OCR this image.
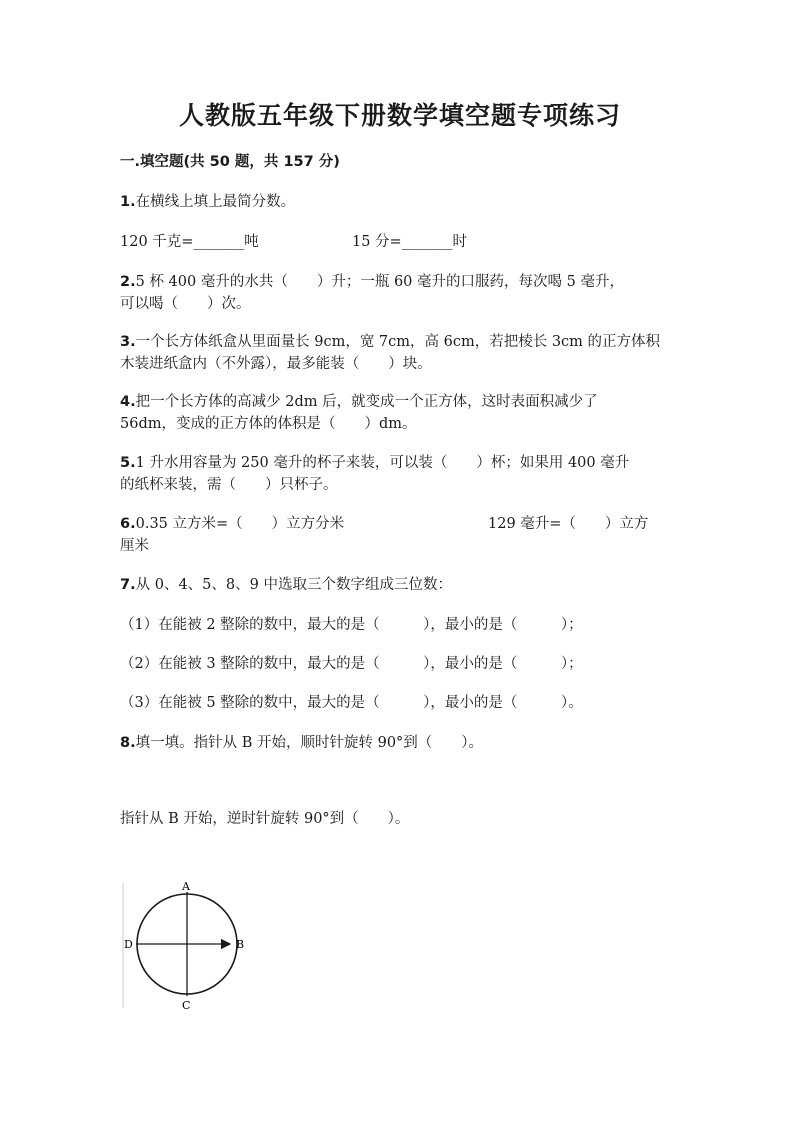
人教版五年级下册数学填空题专项练习
一.填空题(共 50 题，共 157 分)
1.在横线上填上最简分数。
120 千克=_______吨	15 分=_______时
2.5 杯 400 毫升的水共（　　）升；一瓶 60 毫升的口服药，每次喝 5 毫升，
可以喝（　　）次。
3.一个长方体纸盒从里面量长 9cm，宽 7cm，高 6cm，若把棱长 3cm 的正方体积
木装进纸盒内（不外露），最多能装（　　）块。
4.把一个长方体的高减少 2dm 后，就变成一个正方体，这时表面积减少了
56dm，变成的正方体的体积是（　　）dm。
5.1 升水用容量为 250 毫升的杯子来装，可以装（　　）杯；如果用 400 毫升
的纸杯来装，需（　　）只杯子。
6.0.35 立方米=（　　）立方分米	129 毫升=（　　）立方
厘米
7.从 0、4、5、8、9 中选取三个数字组成三位数：
（1）在能被 2 整除的数中，最大的是（　　　），最小的是（　　　）；
（2）在能被 3 整除的数中，最大的是（　　　），最小的是（　　　）；
（3）在能被 5 整除的数中，最大的是（　　　），最小的是（　　　）。
8.填一填。指针从 B 开始，顺时针旋转 90°到（　　）。
指针从 B 开始，逆时针旋转 90°到（　　）。
A
B
C
D
